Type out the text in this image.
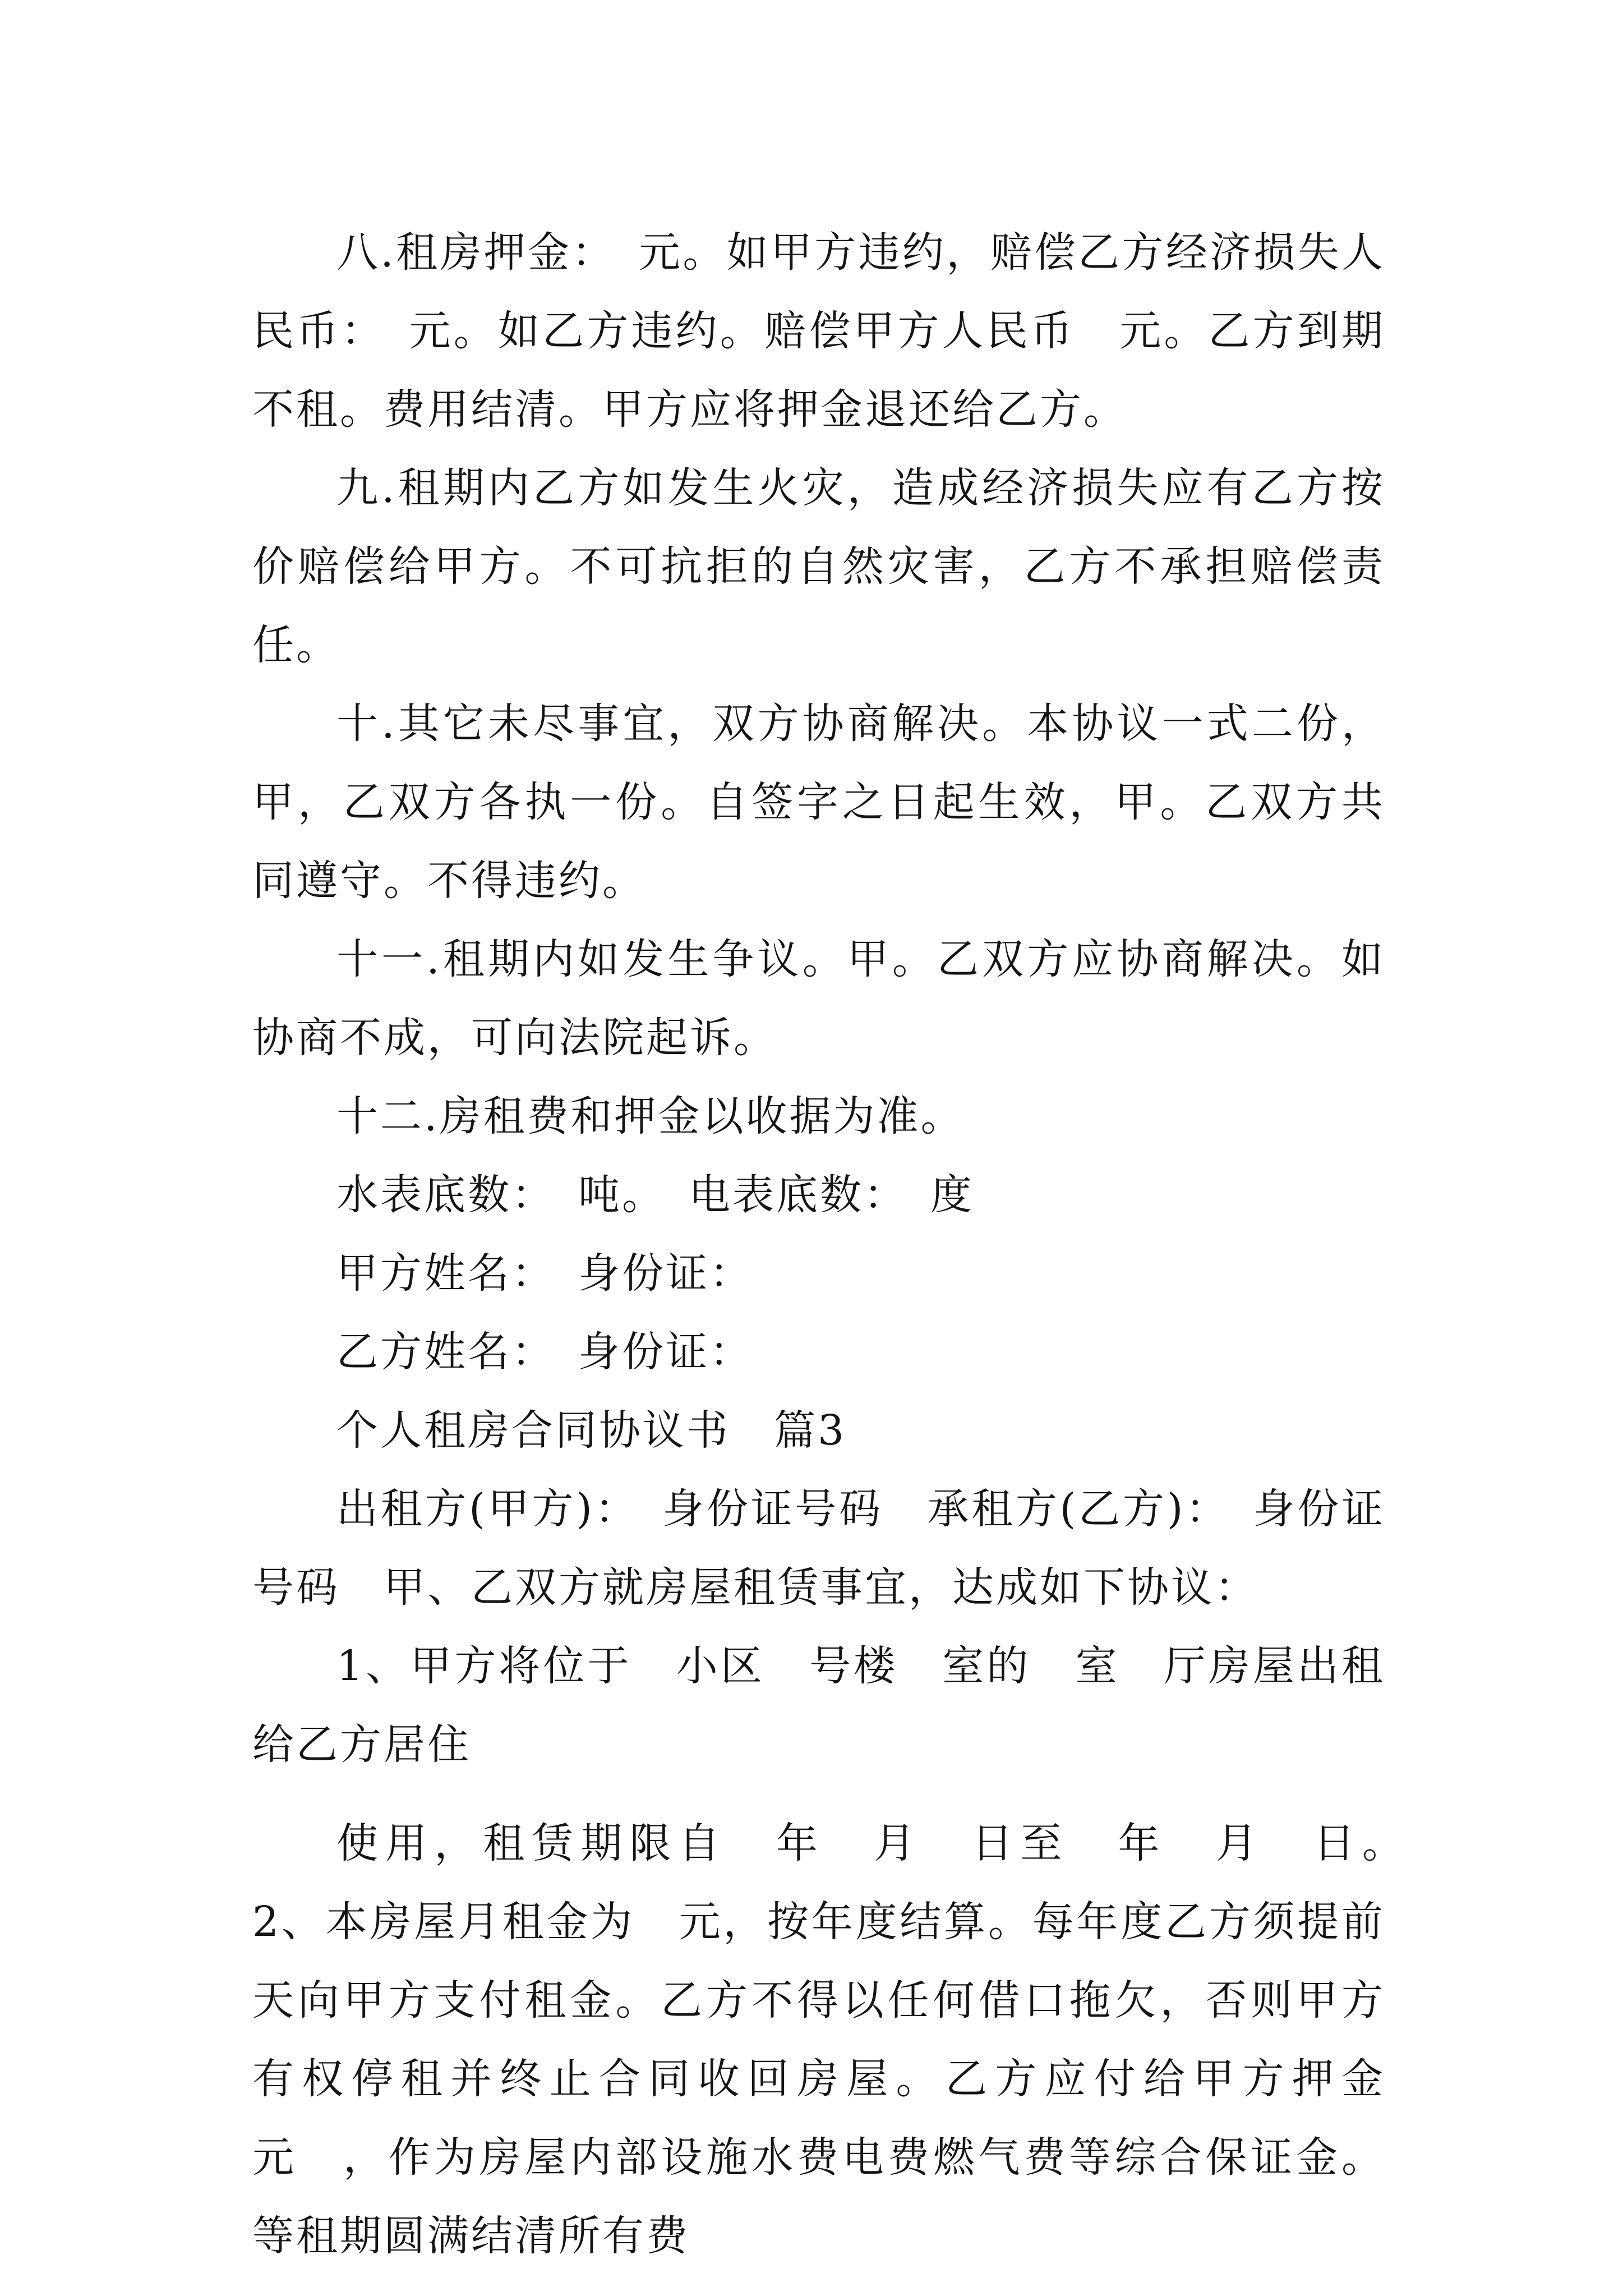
八.租房押金：　元。如甲方违约，赔偿乙方经济损失人民币：　元。如乙方违约。赔偿甲方人民币　元。乙方到期不租。费用结清。甲方应将押金退还给乙方。

九.租期内乙方如发生火灾，造成经济损失应有乙方按价赔偿给甲方。不可抗拒的自然灾害，乙方不承担赔偿责任。

十.其它未尽事宜，双方协商解决。本协议一式二份，甲，乙双方各执一份。自签字之日起生效，甲。乙双方共同遵守。不得违约。

十一.租期内如发生争议。甲。乙双方应协商解决。如协商不成，可向法院起诉。

十二.房租费和押金以收据为准。

水表底数：　吨。　电表底数：　度

甲方姓名：　身份证：

乙方姓名：　身份证：

个人租房合同协议书　篇3

出租方(甲方)：　身份证号码　承租方(乙方)：　身份证号码　甲、乙双方就房屋租赁事宜，达成如下协议：

1、甲方将位于　小区　号楼　室的　室　厅房屋出租给乙方居住

使用，租赁期限自　年　月　日至　年　月　日。　2、本房屋月租金为　元，按年度结算。每年度乙方须提前　天向甲方支付租金。乙方不得以任何借口拖欠，否则甲方有权停租并终止合同收回房屋。乙方应付给甲方押金　元　，作为房屋内部设施水费电费燃气费等综合保证金。等租期圆满结清所有费
